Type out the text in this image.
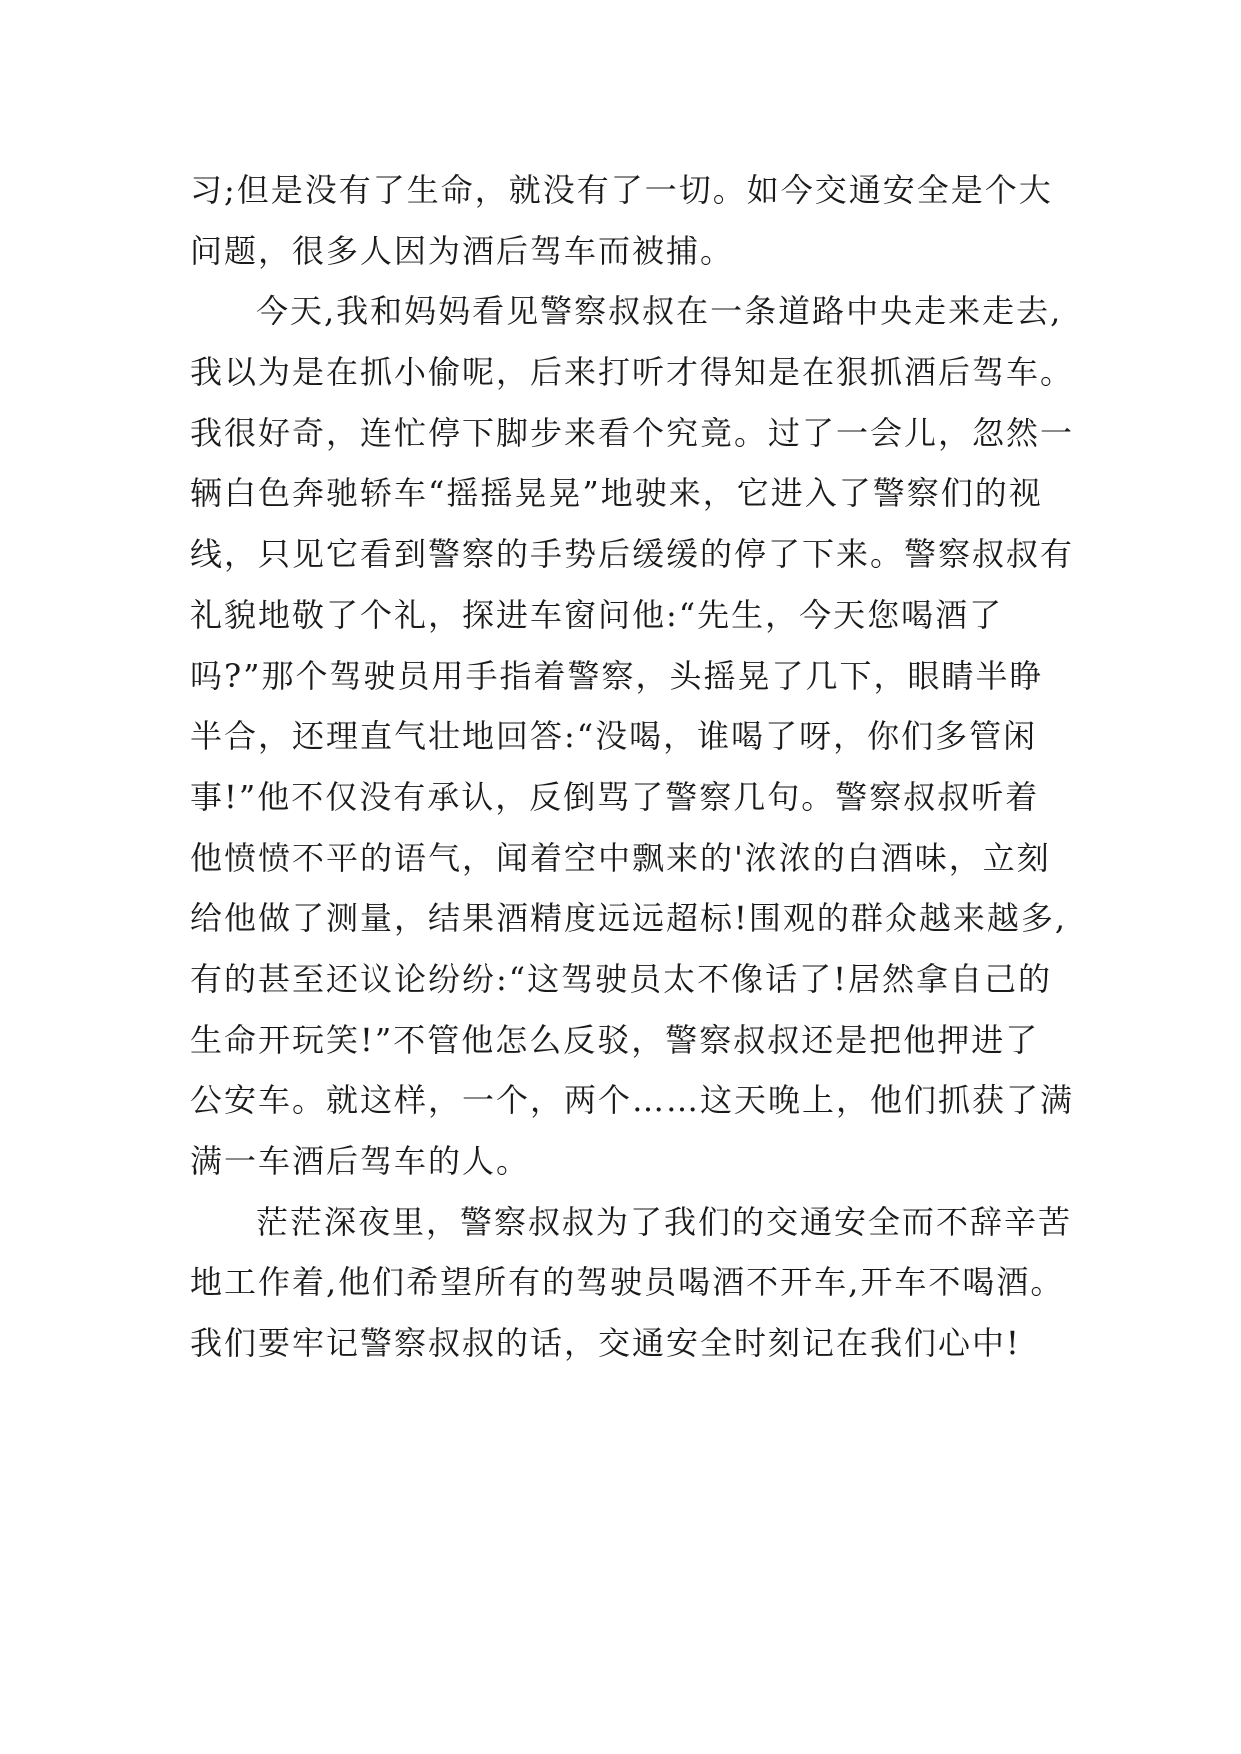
习;但是没有了生命，就没有了一切。如今交通安全是个大
问题，很多人因为酒后驾车而被捕。
今天,我和妈妈看见警察叔叔在一条道路中央走来走去,
我以为是在抓小偷呢，后来打听才得知是在狠抓酒后驾车。
我很好奇，连忙停下脚步来看个究竟。过了一会儿，忽然一
辆白色奔驰轿车“摇摇晃晃”地驶来，它进入了警察们的视
线，只见它看到警察的手势后缓缓的停了下来。警察叔叔有
礼貌地敬了个礼，探进车窗问他:“先生，今天您喝酒了
吗?”那个驾驶员用手指着警察，头摇晃了几下，眼睛半睁
半合，还理直气壮地回答:“没喝，谁喝了呀，你们多管闲
事!”他不仅没有承认，反倒骂了警察几句。警察叔叔听着
他愤愤不平的语气，闻着空中飘来的'浓浓的白酒味，立刻
给他做了测量，结果酒精度远远超标!围观的群众越来越多,
有的甚至还议论纷纷:“这驾驶员太不像话了!居然拿自己的
生命开玩笑!”不管他怎么反驳，警察叔叔还是把他押进了
公安车。就这样，一个，两个……这天晚上，他们抓获了满
满一车酒后驾车的人。
茫茫深夜里，警察叔叔为了我们的交通安全而不辞辛苦
地工作着,他们希望所有的驾驶员喝酒不开车,开车不喝酒。
我们要牢记警察叔叔的话，交通安全时刻记在我们心中!
